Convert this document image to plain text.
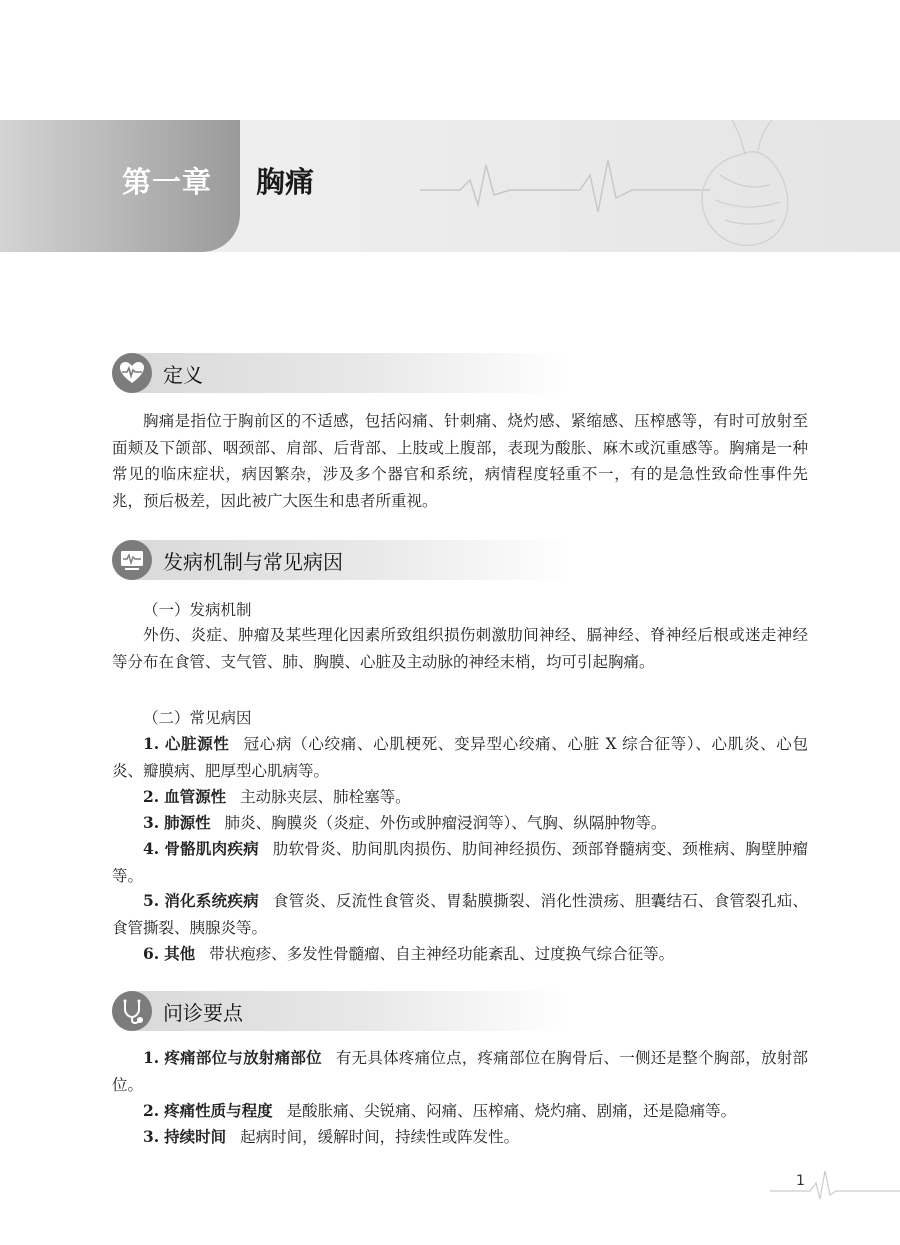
第一章 胸痛
定义

胸痛是指位于胸前区的不适感，包括闷痛、针刺痛、烧灼感、紧缩感、压榨感等，有时可放射至面颊及下颌部、咽颈部、肩部、后背部、上肢或上腹部，表现为酸胀、麻木或沉重感等。胸痛是一种常见的临床症状，病因繁杂，涉及多个器官和系统，病情程度轻重不一，有的是急性致命性事件先兆，预后极差，因此被广大医生和患者所重视。

发病机制与常见病因
（一）发病机制

外伤、炎症、肿瘤及某些理化因素所致组织损伤刺激肋间神经、膈神经、脊神经后根或迷走神经等分布在食管、支气管、肺、胸膜、心脏及主动脉的神经末梢，均可引起胸痛。

（二）常见病因

1. 心脏源性 冠心病（心绞痛、心肌梗死、变异型心绞痛、心脏 X 综合征等）、心肌炎、心包炎、瓣膜病、肥厚型心肌病等。

2. 血管源性 主动脉夹层、肺栓塞等。

3. 肺源性 肺炎、胸膜炎（炎症、外伤或肿瘤浸润等）、气胸、纵隔肿物等。

4. 骨骼肌肉疾病 肋软骨炎、肋间肌肉损伤、肋间神经损伤、颈部脊髓病变、颈椎病、胸壁肿瘤等。

5. 消化系统疾病 食管炎、反流性食管炎、胃黏膜撕裂、消化性溃疡、胆囊结石、食管裂孔疝、食管撕裂、胰腺炎等。

6. 其他 带状疱疹、多发性骨髓瘤、自主神经功能紊乱、过度换气综合征等。

问诊要点

1. 疼痛部位与放射痛部位 有无具体疼痛位点，疼痛部位在胸骨后、一侧还是整个胸部，放射部位。

2. 疼痛性质与程度 是酸胀痛、尖锐痛、闷痛、压榨痛、烧灼痛、剧痛，还是隐痛等。

3. 持续时间 起病时间，缓解时间，持续性或阵发性。

1
